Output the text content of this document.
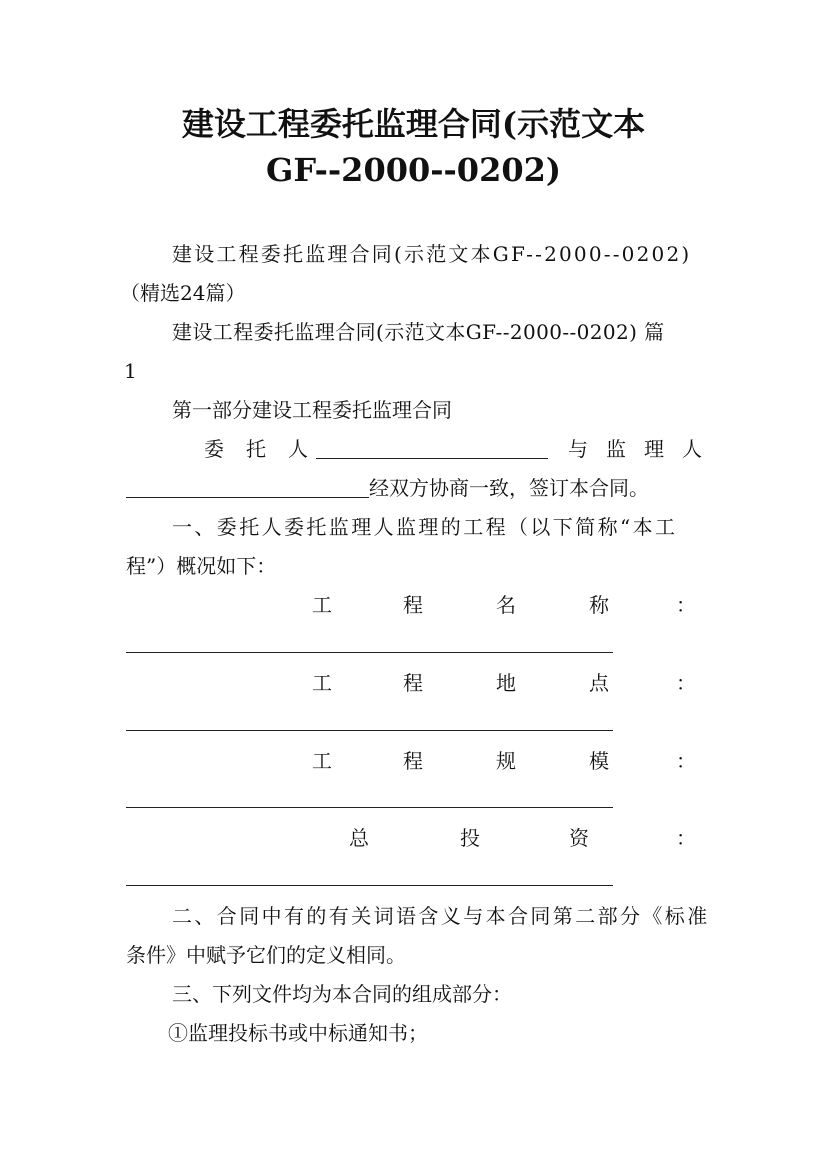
建设工程委托监理合同(示范文本
GF--2000--0202)
建设工程委托监理合同(示范文本GF--2000--0202)
（精选24篇）
建设工程委托监理合同(示范文本GF--2000--0202) 篇
1
第一部分建设工程委托监理合同
委 托 人	与 监 理 人
经双方协商一致，签订本合同。
一、委托人委托监理人监理的工程（以下简称“本工
程”）概况如下：
工	程	名	称	：
工	程	地	点	：
工	程	规	模	：
总	投	资	：
二、合同中有的有关词语含义与本合同第二部分《标准
条件》中赋予它们的定义相同。
三、下列文件均为本合同的组成部分：
①监理投标书或中标通知书；
